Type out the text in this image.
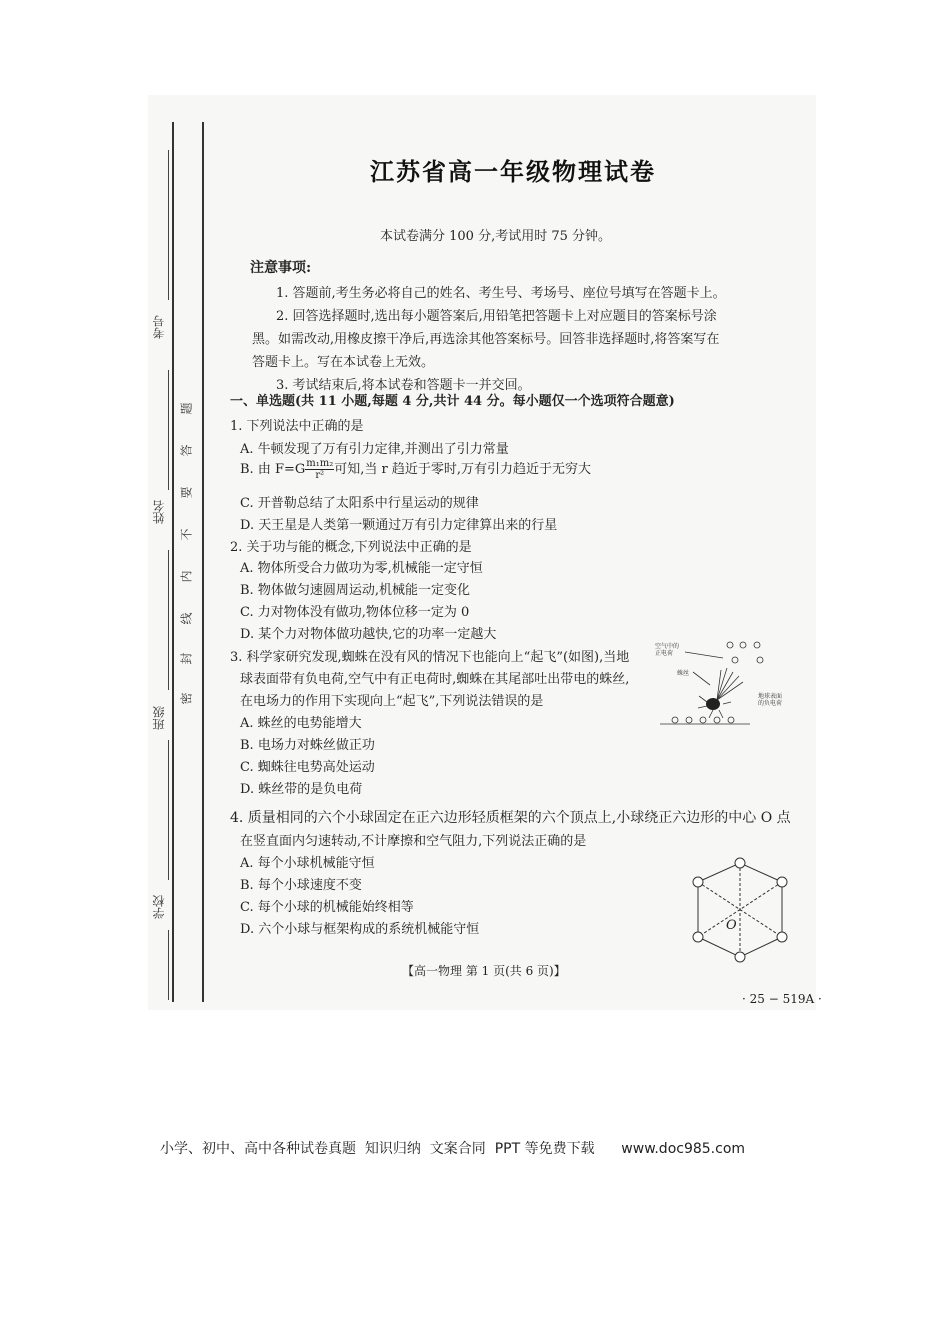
考号
姓名
班级
学校
题
答
要
不
内
线
封
密
江苏省高一年级物理试卷
本试卷满分 100 分,考试用时 75 分钟。
注意事项:
1. 答题前,考生务必将自己的姓名、考生号、考场号、座位号填写在答题卡上。
2. 回答选择题时,选出每小题答案后,用铅笔把答题卡上对应题目的答案标号涂
黑。如需改动,用橡皮擦干净后,再选涂其他答案标号。回答非选择题时,将答案写在
答题卡上。写在本试卷上无效。
3. 考试结束后,将本试卷和答题卡一并交回。
一、单选题(共 11 小题,每题 4 分,共计 44 分。每小题仅一个选项符合题意)
1. 下列说法中正确的是
A. 牛顿发现了万有引力定律,并测出了引力常量
B. 由 $F=G \frac{\text{m₁m₂}}{\text{r²}}$ 可知,当 r 趋近于零时,万有引力趋近于无穷大
C. 开普勒总结了太阳系中行星运动的规律
D. 天王星是人类第一颗通过万有引力定律算出来的行星
2. 关于功与能的概念,下列说法中正确的是
A. 物体所受合力做功为零,机械能一定守恒
B. 物体做匀速圆周运动,机械能一定变化
C. 力对物体没有做功,物体位移一定为 0
D. 某个力对物体做功越快,它的功率一定越大
3. 科学家研究发现,蜘蛛在没有风的情况下也能向上“起飞”(如图),当地
球表面带有负电荷,空气中有正电荷时,蜘蛛在其尾部吐出带电的蛛丝,
在电场力的作用下实现向上“起飞”,下列说法错误的是
A. 蛛丝的电势能增大
B. 电场力对蛛丝做正功
C. 蜘蛛往电势高处运动
D. 蛛丝带的是负电荷
空气中的
正电荷
蛛丝
地球表面
的负电荷
4. 质量相同的六个小球固定在正六边形轻质框架的六个顶点上,小球绕正六边形的中心 O 点
在竖直面内匀速转动,不计摩擦和空气阻力,下列说法正确的是
A. 每个小球机械能守恒
B. 每个小球速度不变
C. 每个小球的机械能始终相等
D. 六个小球与框架构成的系统机械能守恒	O
【高一物理 第 1 页(共 6 页)】
· 25 − 519A ·
小学、初中、高中各种试卷真题  知识归纳  文案合同  PPT 等免费下载      www.doc985.com
